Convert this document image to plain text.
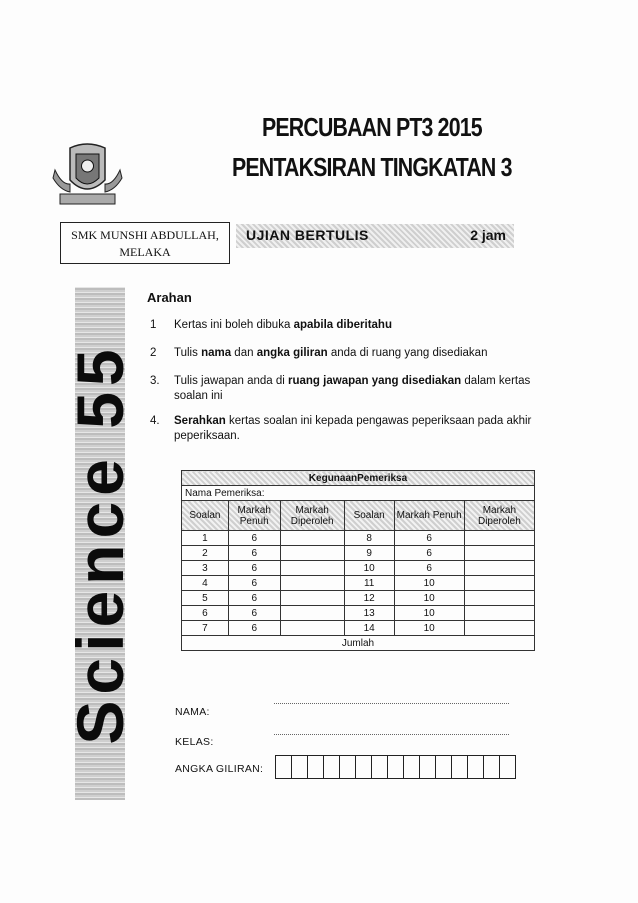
PERCUBAAN PT3 2015
PENTAKSIRAN TINGKATAN 3
SMK MUNSHI ABDULLAH,
MELAKA
UJIAN BERTULIS	2 jam
Science 55
Arahan
1 Kertas ini boleh dibuka apabila diberitahu
2 Tulis nama dan angka giliran anda di ruang yang disediakan
3. Tulis jawapan anda di ruang jawapan yang disediakan dalam kertas soalan ini
4. Serahkan kertas soalan ini kepada pengawas peperiksaan pada akhir peperiksaan.
KegunaanPemeriksa					
Nama Pemeriksa:					
Soalan	Markah Penuh	Markah Diperoleh	Soalan	Markah Penuh	Markah Diperoleh
1	6		8	6	
2	6		9	6	
3	6		10	6	
4	6		11	10	
5	6		12	10	
6	6		13	10	
7	6		14	10	
Jumlah					
NAMA:
KELAS:
ANGKA GILIRAN:
